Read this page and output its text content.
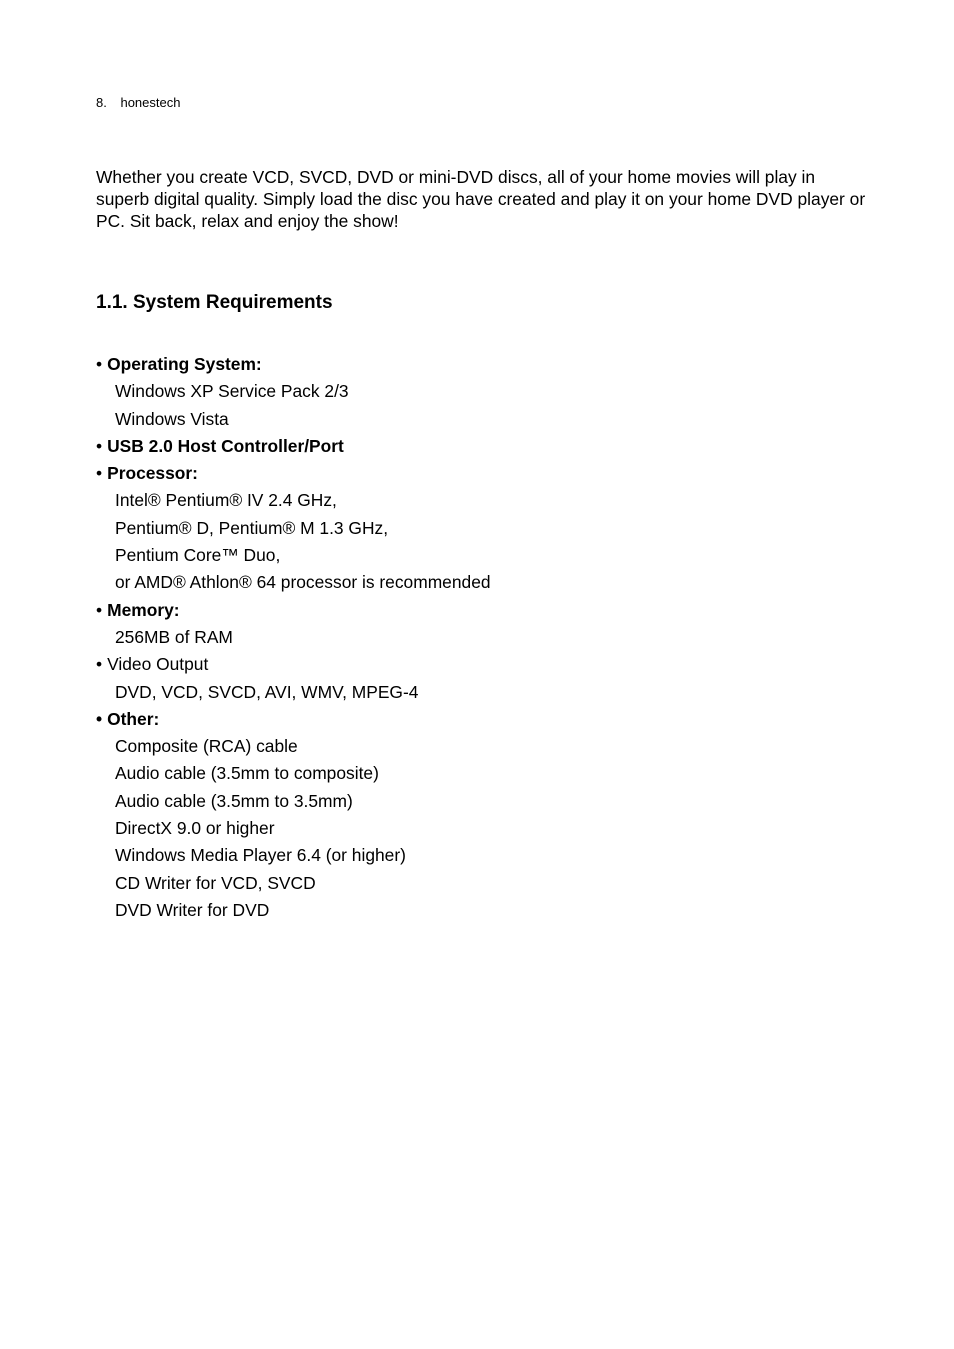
8. honestech

Whether you create VCD, SVCD, DVD or mini-DVD discs, all of your home movies will play in superb digital quality. Simply load the disc you have created and play it on your home DVD player or PC. Sit back, relax and enjoy the show!

1.1. System Requirements
• Operating System:
Windows XP Service Pack 2/3
Windows Vista
• USB 2.0 Host Controller/Port
• Processor:
Intel® Pentium® IV 2.4 GHz,
Pentium® D, Pentium® M 1.3 GHz,
Pentium Core™ Duo,
or AMD® Athlon® 64 processor is recommended
• Memory:
256MB of RAM
• Video Output
DVD, VCD, SVCD, AVI, WMV, MPEG-4
• Other:
Composite (RCA) cable
Audio cable (3.5mm to composite)
Audio cable (3.5mm to 3.5mm)
DirectX 9.0 or higher
Windows Media Player 6.4 (or higher)
CD Writer for VCD, SVCD
DVD Writer for DVD
